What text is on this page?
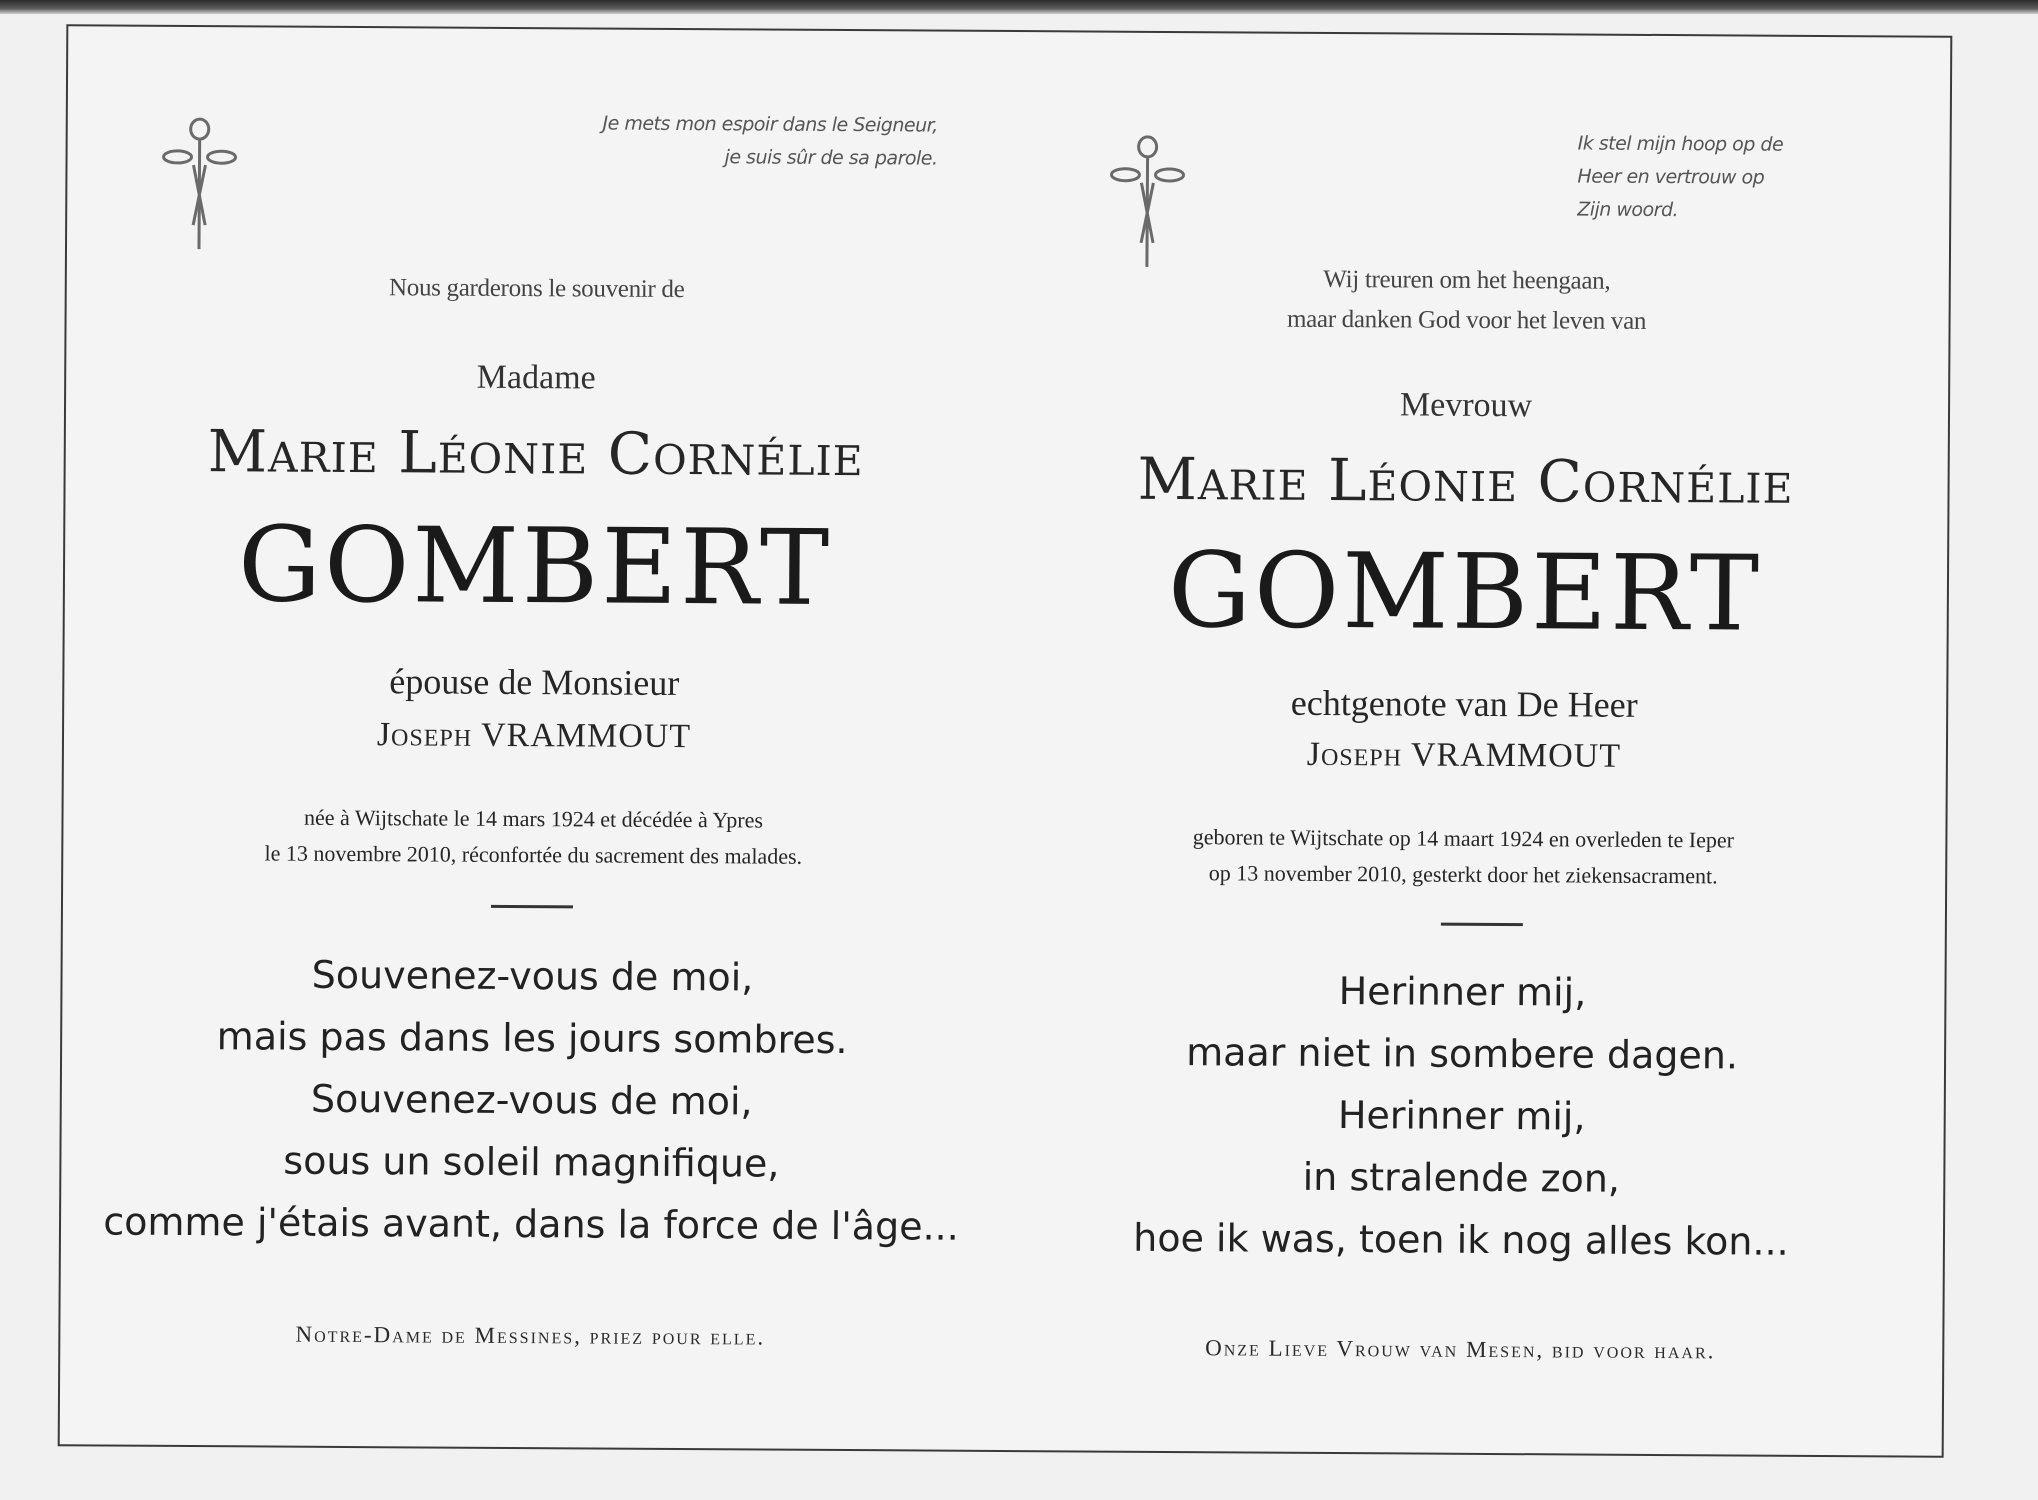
Je mets mon espoir dans le Seigneur,
je suis sûr de sa parole.
Nous garderons le souvenir de
Madame
Marie Léonie Cornélie
GOMBERT
épouse de Monsieur
Joseph VRAMMOUT
née à Wijtschate le 14 mars 1924 et décédée à Ypres
le 13 novembre 2010, réconfortée du sacrement des malades.
Souvenez-vous de moi,
mais pas dans les jours sombres.
Souvenez-vous de moi,
sous un soleil magnifique,
comme j'étais avant, dans la force de l'âge...
Notre-Dame de Messines, priez pour elle.
Ik stel mijn hoop op de
Heer en vertrouw op
Zijn woord.
Wij treuren om het heengaan,
maar danken God voor het leven van
Mevrouw
Marie Léonie Cornélie
GOMBERT
echtgenote van De Heer
Joseph VRAMMOUT
geboren te Wijtschate op 14 maart 1924 en overleden te Ieper
op 13 november 2010, gesterkt door het ziekensacrament.
Herinner mij,
maar niet in sombere dagen.
Herinner mij,
in stralende zon,
hoe ik was, toen ik nog alles kon...
Onze Lieve Vrouw van Mesen, bid voor haar.
